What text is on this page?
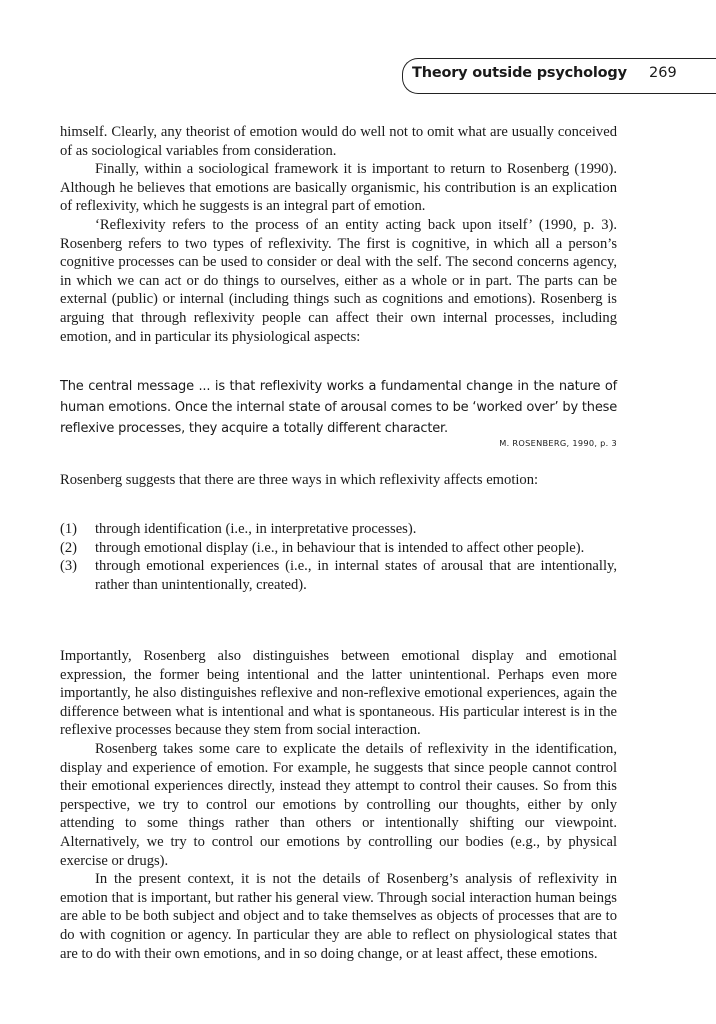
Theory outside psychology 269

himself. Clearly, any theorist of emotion would do well not to omit what are usually conceived of as sociological variables from consideration.

Finally, within a sociological framework it is important to return to Rosenberg (1990). Although he believes that emotions are basically organismic, his contribution is an explication of reflexivity, which he suggests is an integral part of emotion.

‘Reflexivity refers to the process of an entity acting back upon itself’ (1990, p. 3). Rosenberg refers to two types of reflexivity. The first is cognitive, in which all a person’s cognitive processes can be used to consider or deal with the self. The second concerns agency, in which we can act or do things to ourselves, either as a whole or in part. The parts can be external (public) or internal (including things such as cognitions and emotions). Rosenberg is arguing that through reflexivity people can affect their own internal processes, including emotion, and in particular its physiological aspects:

The central message ... is that reflexivity works a fundamental change in the nature of human emotions. Once the internal state of arousal comes to be ‘worked over’ by these reflexive processes, they acquire a totally different character.

M. ROSENBERG, 1990, p. 3

Rosenberg suggests that there are three ways in which reflexivity affects emotion:

(1)	through identification (i.e., in interpretative processes).
(2)	through emotional display (i.e., in behaviour that is intended to affect other people).
(3)	through emotional experiences (i.e., in internal states of arousal that are intentionally, rather than unintentionally, created).

Importantly, Rosenberg also distinguishes between emotional display and emotional expression, the former being intentional and the latter unintentional. Perhaps even more importantly, he also distinguishes reflexive and non-reflexive emotional experiences, again the difference between what is intentional and what is spontaneous. His particular interest is in the reflexive processes because they stem from social interaction.

Rosenberg takes some care to explicate the details of reflexivity in the identification, display and experience of emotion. For example, he suggests that since people cannot control their emotional experiences directly, instead they attempt to control their causes. So from this perspective, we try to control our emotions by controlling our thoughts, either by only attending to some things rather than others or intentionally shifting our viewpoint. Alternatively, we try to control our emotions by controlling our bodies (e.g., by physical exercise or drugs).

In the present context, it is not the details of Rosenberg’s analysis of reflexivity in emotion that is important, but rather his general view. Through social interaction human beings are able to be both subject and object and to take themselves as objects of processes that are to do with cognition or agency. In particular they are able to reflect on physiological states that are to do with their own emotions, and in so doing change, or at least affect, these emotions.
